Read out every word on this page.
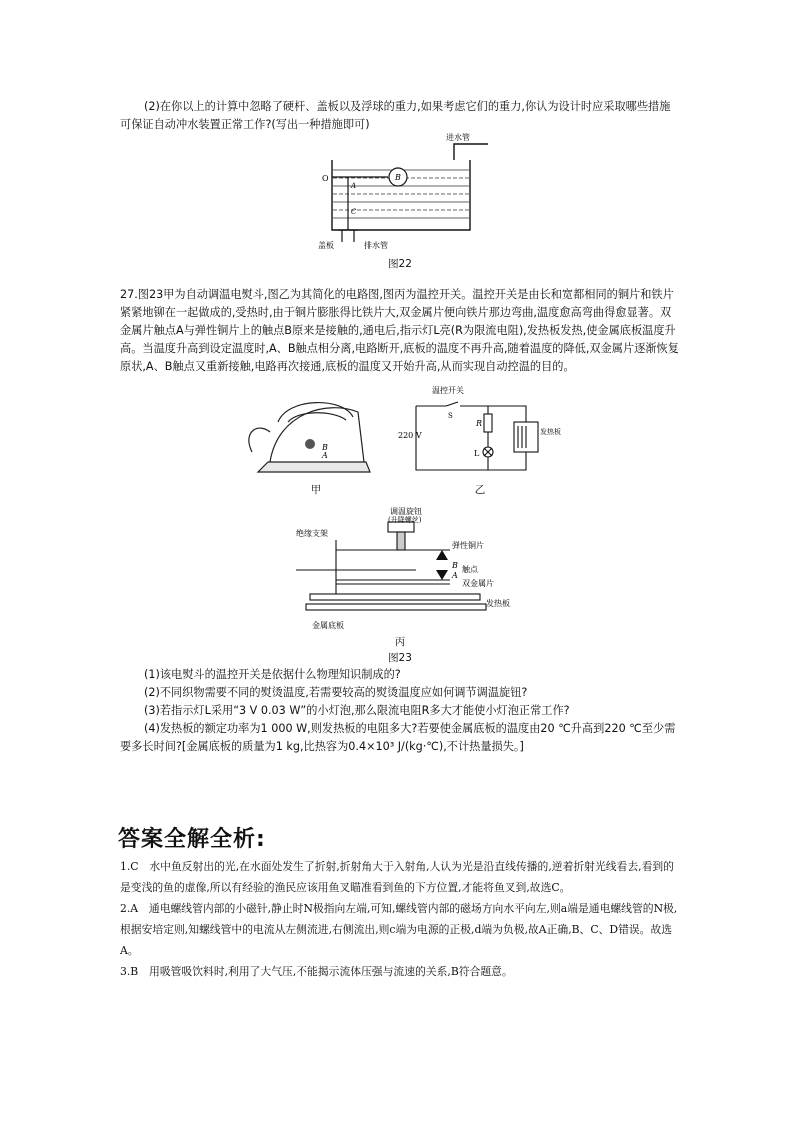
(2)在你以上的计算中忽略了硬杆、盖板以及浮球的重力,如果考虑它们的重力,你认为设计时应采取哪些措施可保证自动冲水装置正常工作?(写出一种措施即可)

O	B
A
C
进水管
盖板	排水管
图22

27.图23甲为自动调温电熨斗,图乙为其简化的电路图,图丙为温控开关。温控开关是由长和宽都相同的铜片和铁片紧紧地铆在一起做成的,受热时,由于铜片膨胀得比铁片大,双金属片便向铁片那边弯曲,温度愈高弯曲得愈显著。双金属片触点A与弹性铜片上的触点B原来是接触的,通电后,指示灯L亮(R为限流电阻),发热板发热,使金属底板温度升高。当温度升高到设定温度时,A、B触点相分离,电路断开,底板的温度不再升高,随着温度的降低,双金属片逐渐恢复原状,A、B触点又重新接触,电路再次接通,底板的温度又开始升高,从而实现自动控温的目的。

B
A
甲
温控开关
S
R
220 V
L
发热板
乙
调温旋钮
(升降螺丝)
绝缘支架
弹性铜片
B 触点
A
双金属片
发热板
金属底板
丙
图23

(1)该电熨斗的温控开关是依据什么物理知识制成的?

(2)不同织物需要不同的熨烫温度,若需要较高的熨烫温度应如何调节调温旋钮?

(3)若指示灯L采用“3 V 0.03 W”的小灯泡,那么限流电阻R多大才能使小灯泡正常工作?

(4)发热板的额定功率为1 000 W,则发热板的电阻多大?若要使金属底板的温度由20 ℃升高到220 ℃至少需要多长时间?[金属底板的质量为1 kg,比热容为0.4×10³ J/(kg·℃),不计热量损失。]

答案全解全析:

1.C　水中鱼反射出的光,在水面处发生了折射,折射角大于入射角,人认为光是沿直线传播的,逆着折射光线看去,看到的是变浅的鱼的虚像,所以有经验的渔民应该用鱼叉瞄准看到鱼的下方位置,才能将鱼叉到,故选C。

2.A　通电螺线管内部的小磁针,静止时N极指向左端,可知,螺线管内部的磁场方向水平向左,则a端是通电螺线管的N极,根据安培定则,知螺线管中的电流从左侧流进,右侧流出,则c端为电源的正极,d端为负极,故A正确,B、C、D错误。故选A。

3.B　用吸管吸饮料时,利用了大气压,不能揭示流体压强与流速的关系,B符合题意。
